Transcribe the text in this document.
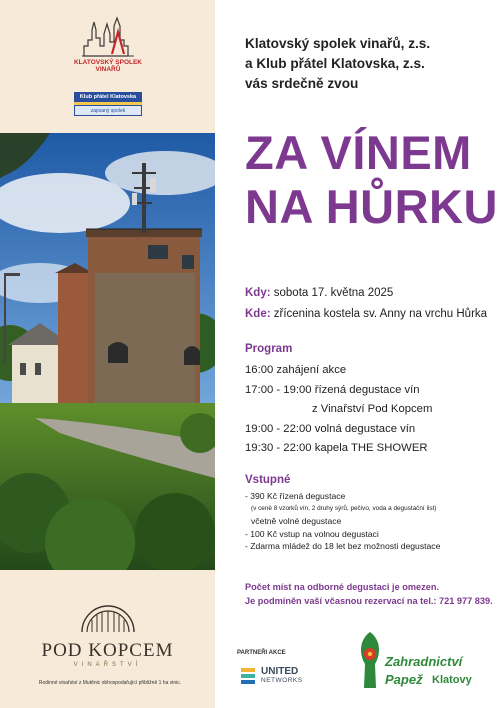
KLATOVSKÝ SPOLEK VINAŘŮ
Klub přátel Klatovska
zapsaný spolek
POD KOPCEM
VINAŘSTVÍ
Rodinné vinařství z Mutěnic obhospodařující přibližně 1 ha vinic.
Klatovský spolek vinařů, z.s.
a Klub přátel Klatovska, z.s.
vás srdečně zvou
ZA VÍNEM
NA HŮRKU
Kdy: sobota 17. května 2025
Kde: zřícenina kostela sv. Anny na vrchu Hůrka
Program
16:00 zahájení akce
17:00 - 19:00 řízená degustace vín
z Vinařství Pod Kopcem
19:00 - 22:00 volná degustace vín
19:30 - 22:00 kapela THE SHOWER
Vstupné
- 390 Kč řízená degustace
(v ceně 8 vzorků vín, 2 druhy sýrů, pečivo, voda a degustační list)
včetně volné degustace
- 100 Kč vstup na volnou degustaci
- Zdarma mládež do 18 let bez možnosti degustace
Počet míst na odborné degustaci je omezen.
Je podmíněn vaší včasnou rezervací na tel.: 721 977 839.
PARTNEŘI AKCE
UNITED
NETWORKS
Zahradnictví
Papež Klatovy
